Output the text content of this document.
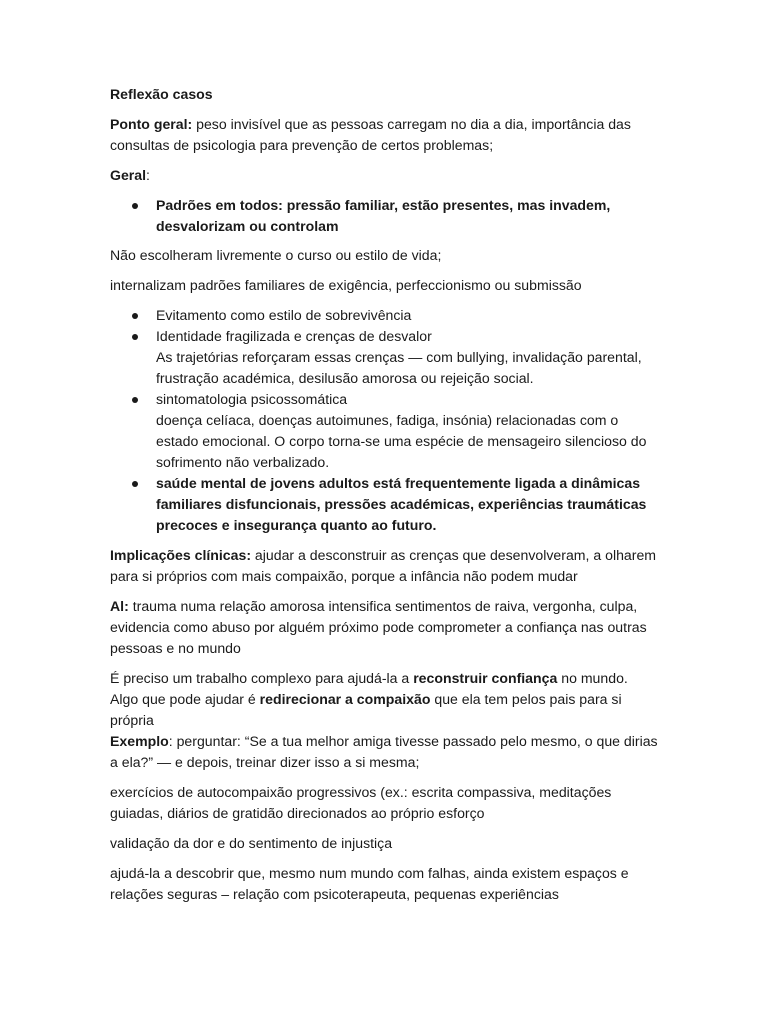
Reflexão casos

Ponto geral: peso invisível que as pessoas carregam no dia a dia, importância das consultas de psicologia para prevenção de certos problemas;

Geral:

Padrões em todos: pressão familiar, estão presentes, mas invadem, desvalorizam ou controlam

Não escolheram livremente o curso ou estilo de vida;

internalizam padrões familiares de exigência, perfeccionismo ou submissão

Evitamento como estilo de sobrevivência
Identidade fragilizada e crenças de desvalor
As trajetórias reforçaram essas crenças — com bullying, invalidação parental, frustração académica, desilusão amorosa ou rejeição social.
sintomatologia psicossomática
doença celíaca, doenças autoimunes, fadiga, insónia) relacionadas com o estado emocional. O corpo torna-se uma espécie de mensageiro silencioso do sofrimento não verbalizado.
saúde mental de jovens adultos está frequentemente ligada a dinâmicas familiares disfuncionais, pressões académicas, experiências traumáticas precoces e insegurança quanto ao futuro.

Implicações clínicas: ajudar a desconstruir as crenças que desenvolveram, a olharem para si próprios com mais compaixão, porque a infância não podem mudar

Al: trauma numa relação amorosa intensifica sentimentos de raiva, vergonha, culpa, evidencia como abuso por alguém próximo pode comprometer a confiança nas outras pessoas e no mundo

É preciso um trabalho complexo para ajudá-la a reconstruir confiança no mundo. Algo que pode ajudar é redirecionar a compaixão que ela tem pelos pais para si própria

Exemplo: perguntar: “Se a tua melhor amiga tivesse passado pelo mesmo, o que dirias a ela?” — e depois, treinar dizer isso a si mesma;

exercícios de autocompaixão progressivos (ex.: escrita compassiva, meditações guiadas, diários de gratidão direcionados ao próprio esforço

validação da dor e do sentimento de injustiça

ajudá-la a descobrir que, mesmo num mundo com falhas, ainda existem espaços e relações seguras – relação com psicoterapeuta, pequenas experiências
